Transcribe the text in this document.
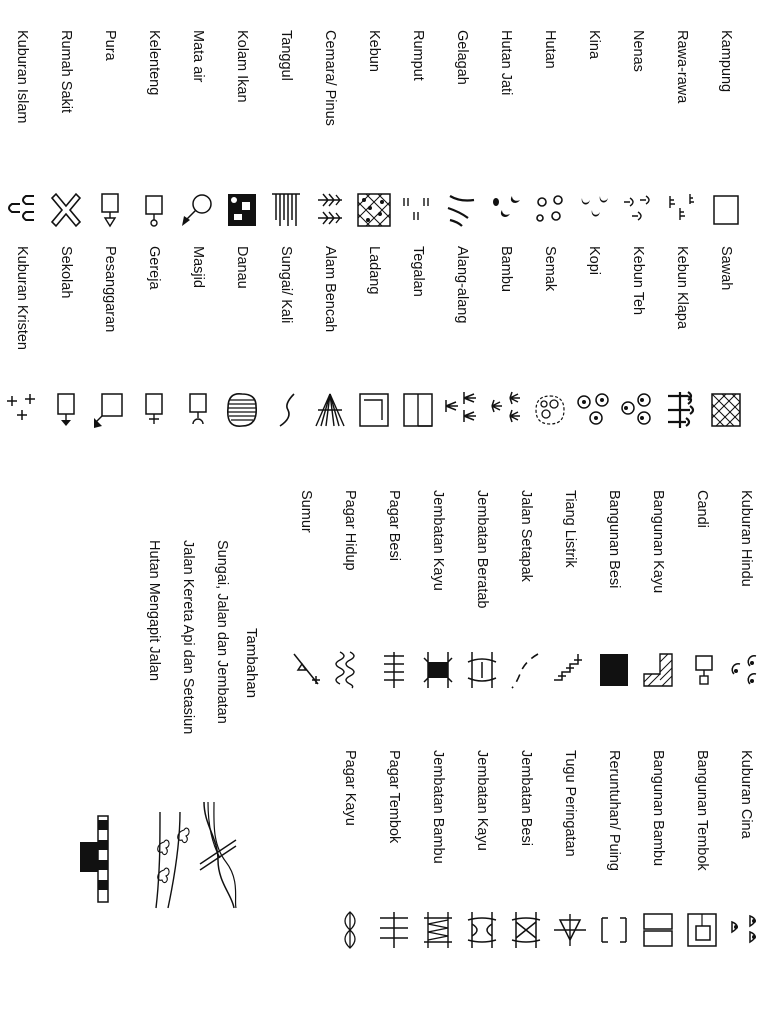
Kampung
Rawa-rawa
Nenas
Kina
Hutan
Hutan Jati
Gelagah
Rumput
Kebun
Cemara/ Pinus
Tanggul
Kolam Ikan
Mata air
Kelenteng
Pura
Rumah Sakit
Kuburan Islam
Sawah
Kebun Klapa
Kebun Teh
Kopi
Semak
Bambu
Alang-alang
Tegalan
Ladang
Alam Bencah
Sungai/ Kali
Danau
Masjid
Gereja
Pesanggaran
Sekolah
Kuburan Kristen
Kuburan Hindu
Candi
Bangunan Kayu
Bangunan Besi
Tiang Listrik
Jalan Setapak
Jembatan Beratab
Jembatan Kayu
Pagar Besi
Pagar Hidup
Sumur
Kuburan Cina
Bangunan Tembok
Bangunan Bambu
Reruntuhan/ Puing
Tugu Peringatan
Jembatan Besi
Jembatan Kayu
Jembatan Bambu
Pagar Tembok
Pagar Kayu
Tambahan
Sungai, Jalan dan Jembatan
Jalan Kereta Api dan Setasiun
Hutan Mengapit Jalan
